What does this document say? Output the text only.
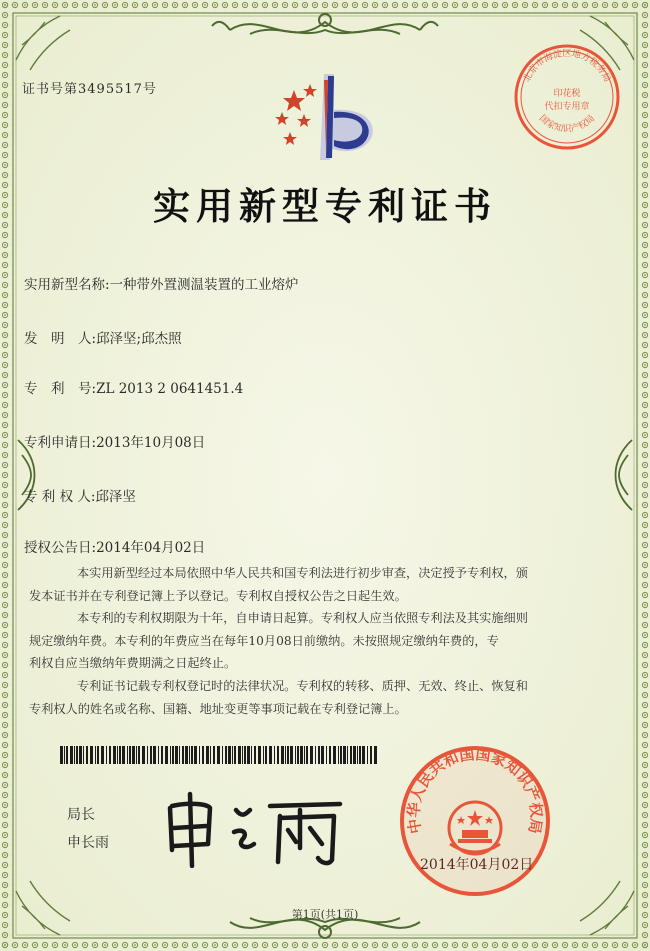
北京市海淀区地方税务局
印花税
代扣专用章
国家知识产权局
证书号第3495517号
实用新型专利证书
实用新型名称:一种带外置测温装置的工业熔炉
发　明　人:邱泽坚;邱杰照
专　利　号:ZL 2013 2 0641451.4
专利申请日:2013年10月08日
专 利 权 人:邱泽坚
授权公告日:2014年04月02日
本实用新型经过本局依照中华人民共和国专利法进行初步审查，决定授予专利权，颁
发本证书并在专利登记簿上予以登记。专利权自授权公告之日起生效。
本专利的专利权期限为十年，自申请日起算。专利权人应当依照专利法及其实施细则
规定缴纳年费。本专利的年费应当在每年10月08日前缴纳。未按照规定缴纳年费的，专
利权自应当缴纳年费期满之日起终止。
专利证书记载专利权登记时的法律状况。专利权的转移、质押、无效、终止、恢复和
专利权人的姓名或名称、国籍、地址变更等事项记载在专利登记簿上。
局长
申长雨
中华人民共和国国家知识产权局
2014年04月02日
第1页(共1页)
